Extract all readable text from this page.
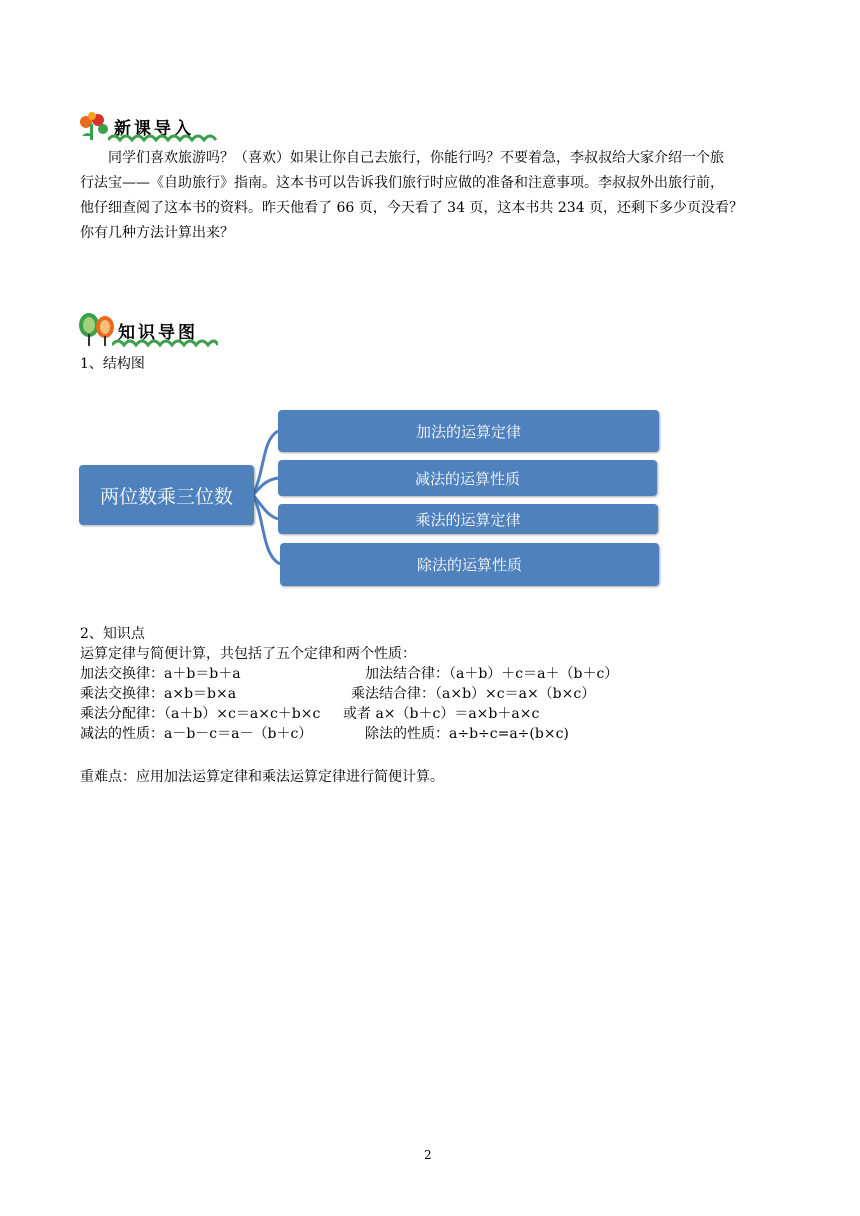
新课导入
同学们喜欢旅游吗？（喜欢）如果让你自己去旅行，你能行吗？不要着急，李叔叔给大家介绍一个旅
行法宝——《自助旅行》指南。这本书可以告诉我们旅行时应做的准备和注意事项。李叔叔外出旅行前，
他仔细查阅了这本书的资料。昨天他看了 66 页，今天看了 34 页，这本书共 234 页，还剩下多少页没看？
你有几种方法计算出来？
知识导图
1、结构图
两位数乘三位数
加法的运算定律
减法的运算性质
乘法的运算定律
除法的运算性质
2、知识点
运算定律与简便计算，共包括了五个定律和两个性质：
加法交换律：a＋b＝b＋a	加法结合律：（a＋b）＋c＝a＋（b＋c）
乘法交换律：a×b＝b×a	乘法结合律：（a×b）×c＝a×（b×c）
乘法分配律：（a＋b）×c＝a×c＋b×c 或者 a×（b＋c）＝a×b＋a×c
减法的性质：a－b－c＝a－（b＋c）	除法的性质：a÷b÷c=a÷(b×c)
重难点：应用加法运算定律和乘法运算定律进行简便计算。
2
